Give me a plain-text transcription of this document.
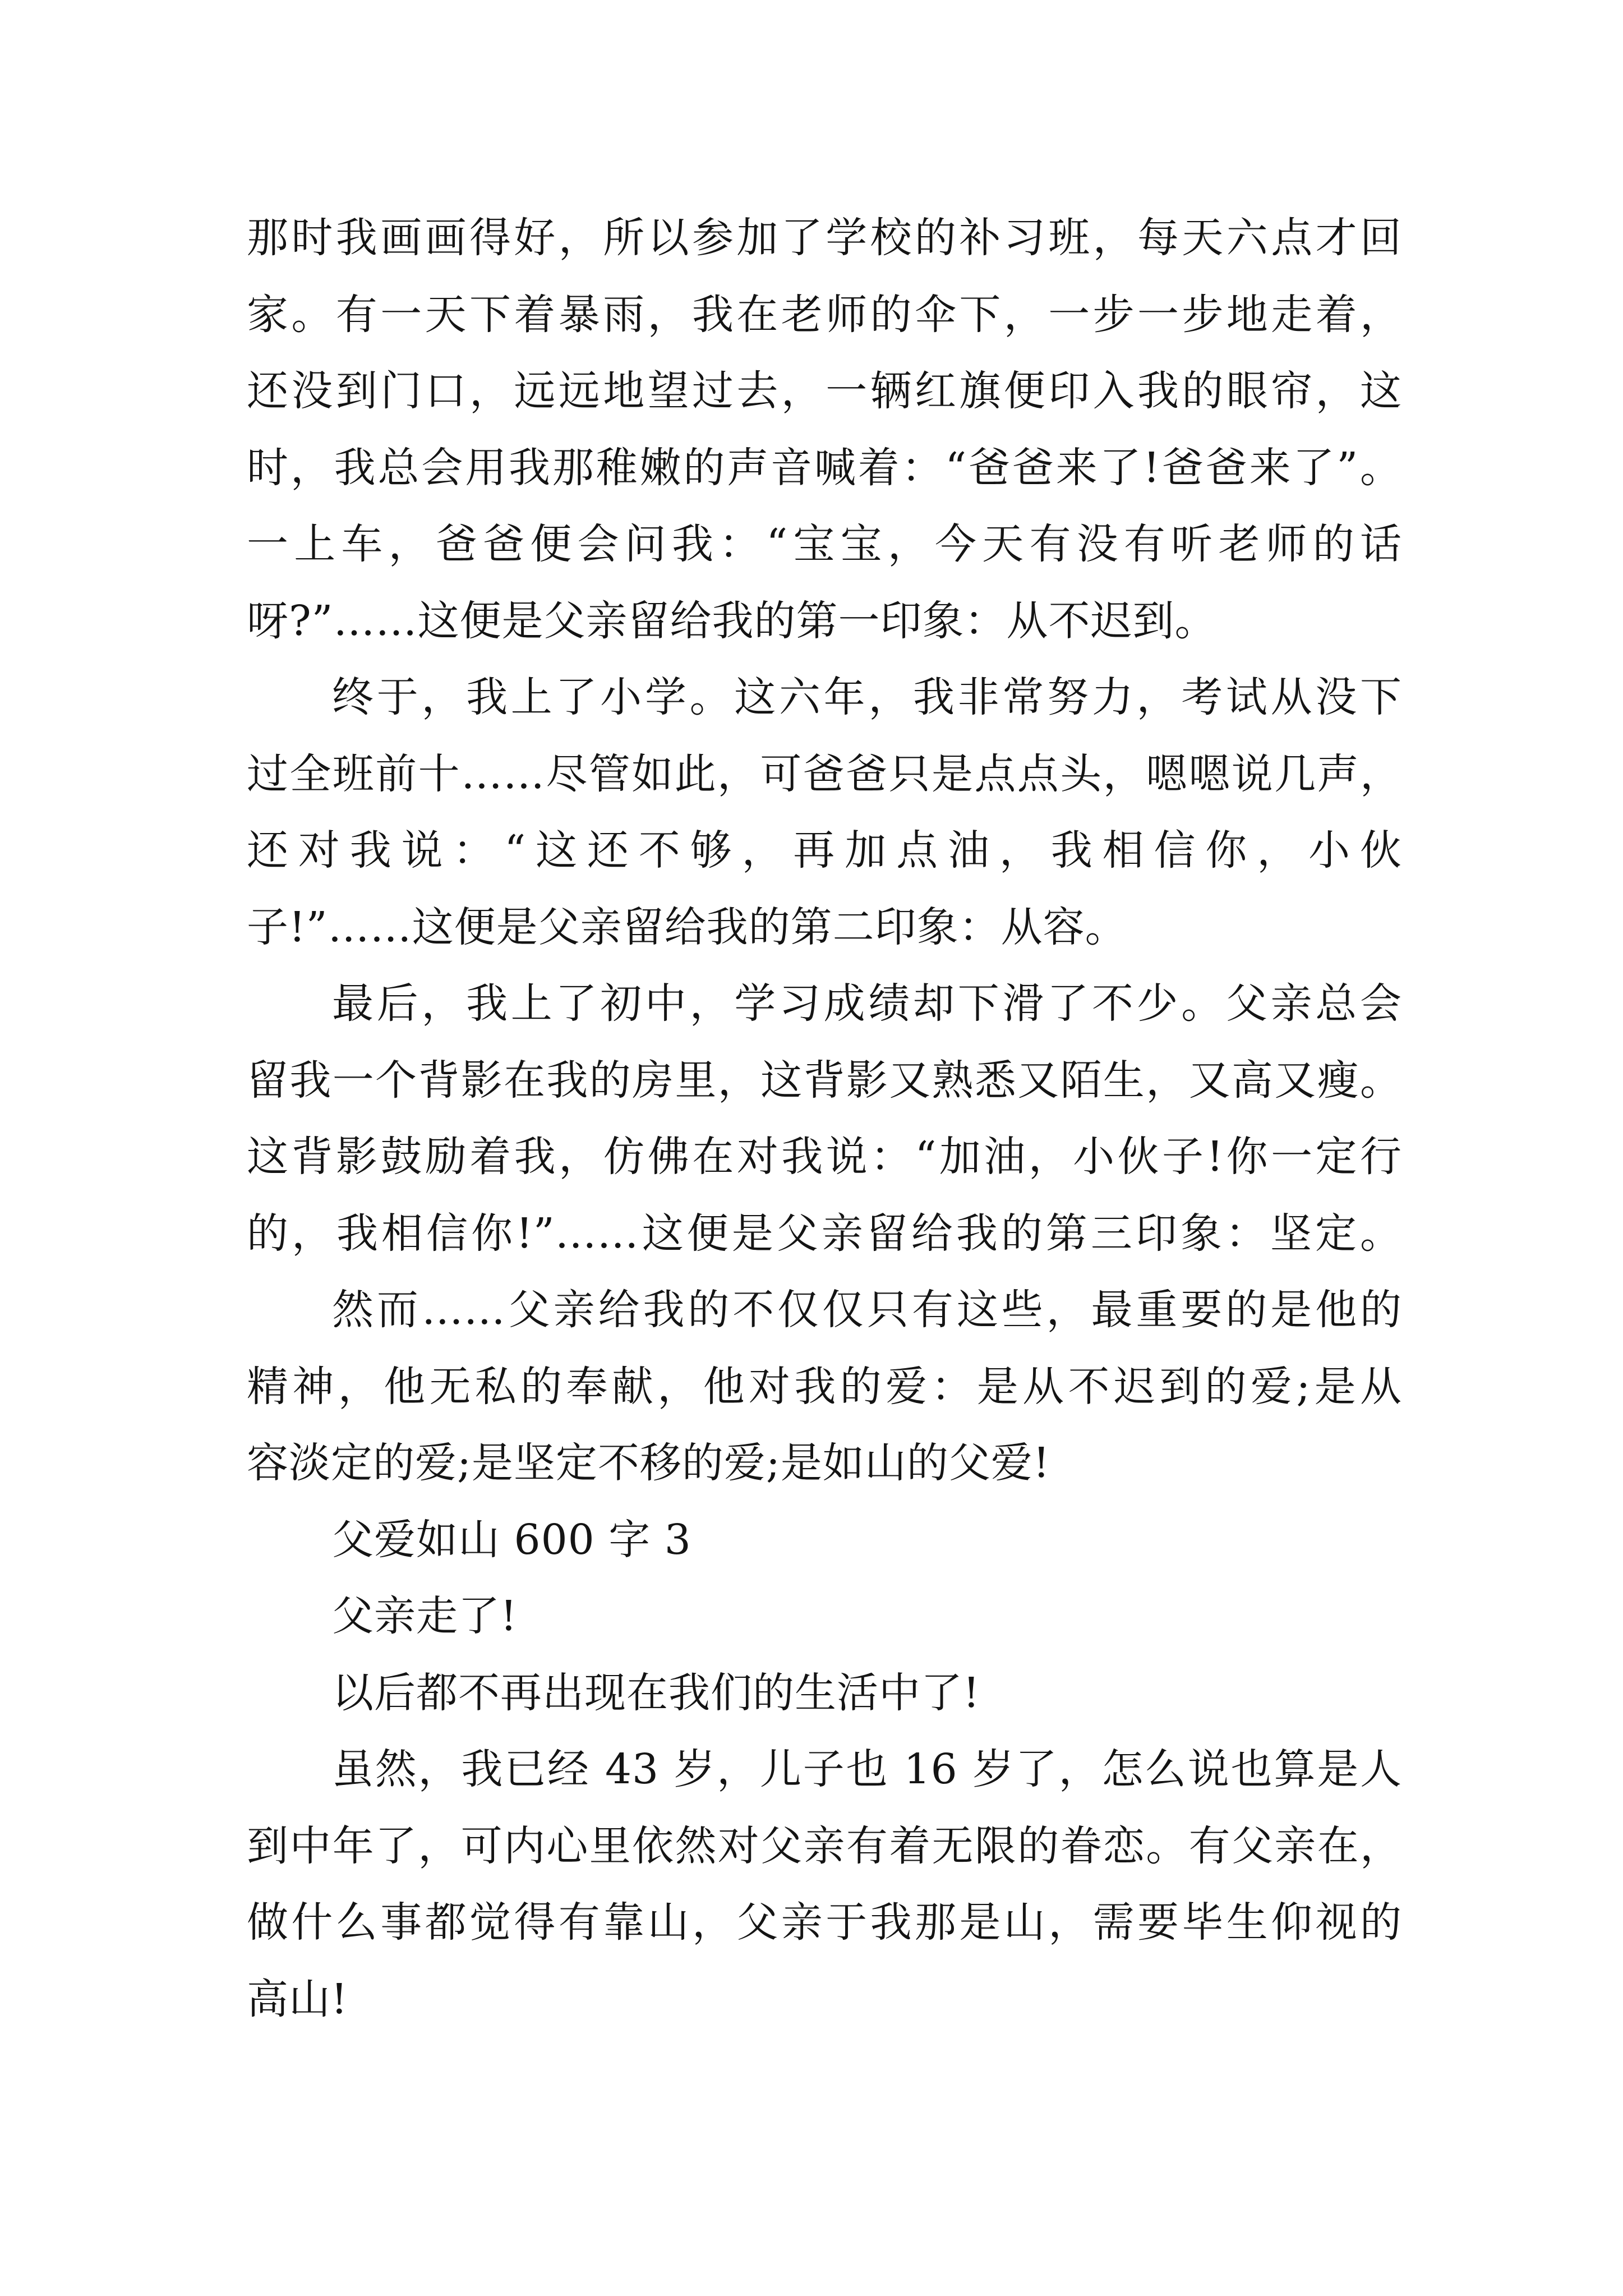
那时我画画得好，所以参加了学校的补习班，每天六点才回
家。有一天下着暴雨，我在老师的伞下，一步一步地走着，
还没到门口，远远地望过去，一辆红旗便印入我的眼帘，这
时，我总会用我那稚嫩的声音喊着：“爸爸来了!爸爸来了”。
一上车，爸爸便会问我：“宝宝，今天有没有听老师的话
呀?”……这便是父亲留给我的第一印象：从不迟到。
终于，我上了小学。这六年，我非常努力，考试从没下
过全班前十……尽管如此，可爸爸只是点点头，嗯嗯说几声，
还对我说：“这还不够，再加点油，我相信你，小伙
子!”……这便是父亲留给我的第二印象：从容。
最后，我上了初中，学习成绩却下滑了不少。父亲总会
留我一个背影在我的房里，这背影又熟悉又陌生，又高又瘦。
这背影鼓励着我，仿佛在对我说：“加油，小伙子!你一定行
的，我相信你!”……这便是父亲留给我的第三印象：坚定。
然而……父亲给我的不仅仅只有这些，最重要的是他的
精神，他无私的奉献，他对我的爱：是从不迟到的爱;是从
容淡定的爱;是坚定不移的爱;是如山的父爱!
父爱如山 600 字 3
父亲走了!
以后都不再出现在我们的生活中了!
虽然，我已经 43 岁，儿子也 16 岁了，怎么说也算是人
到中年了，可内心里依然对父亲有着无限的眷恋。有父亲在，
做什么事都觉得有靠山，父亲于我那是山，需要毕生仰视的
高山!
